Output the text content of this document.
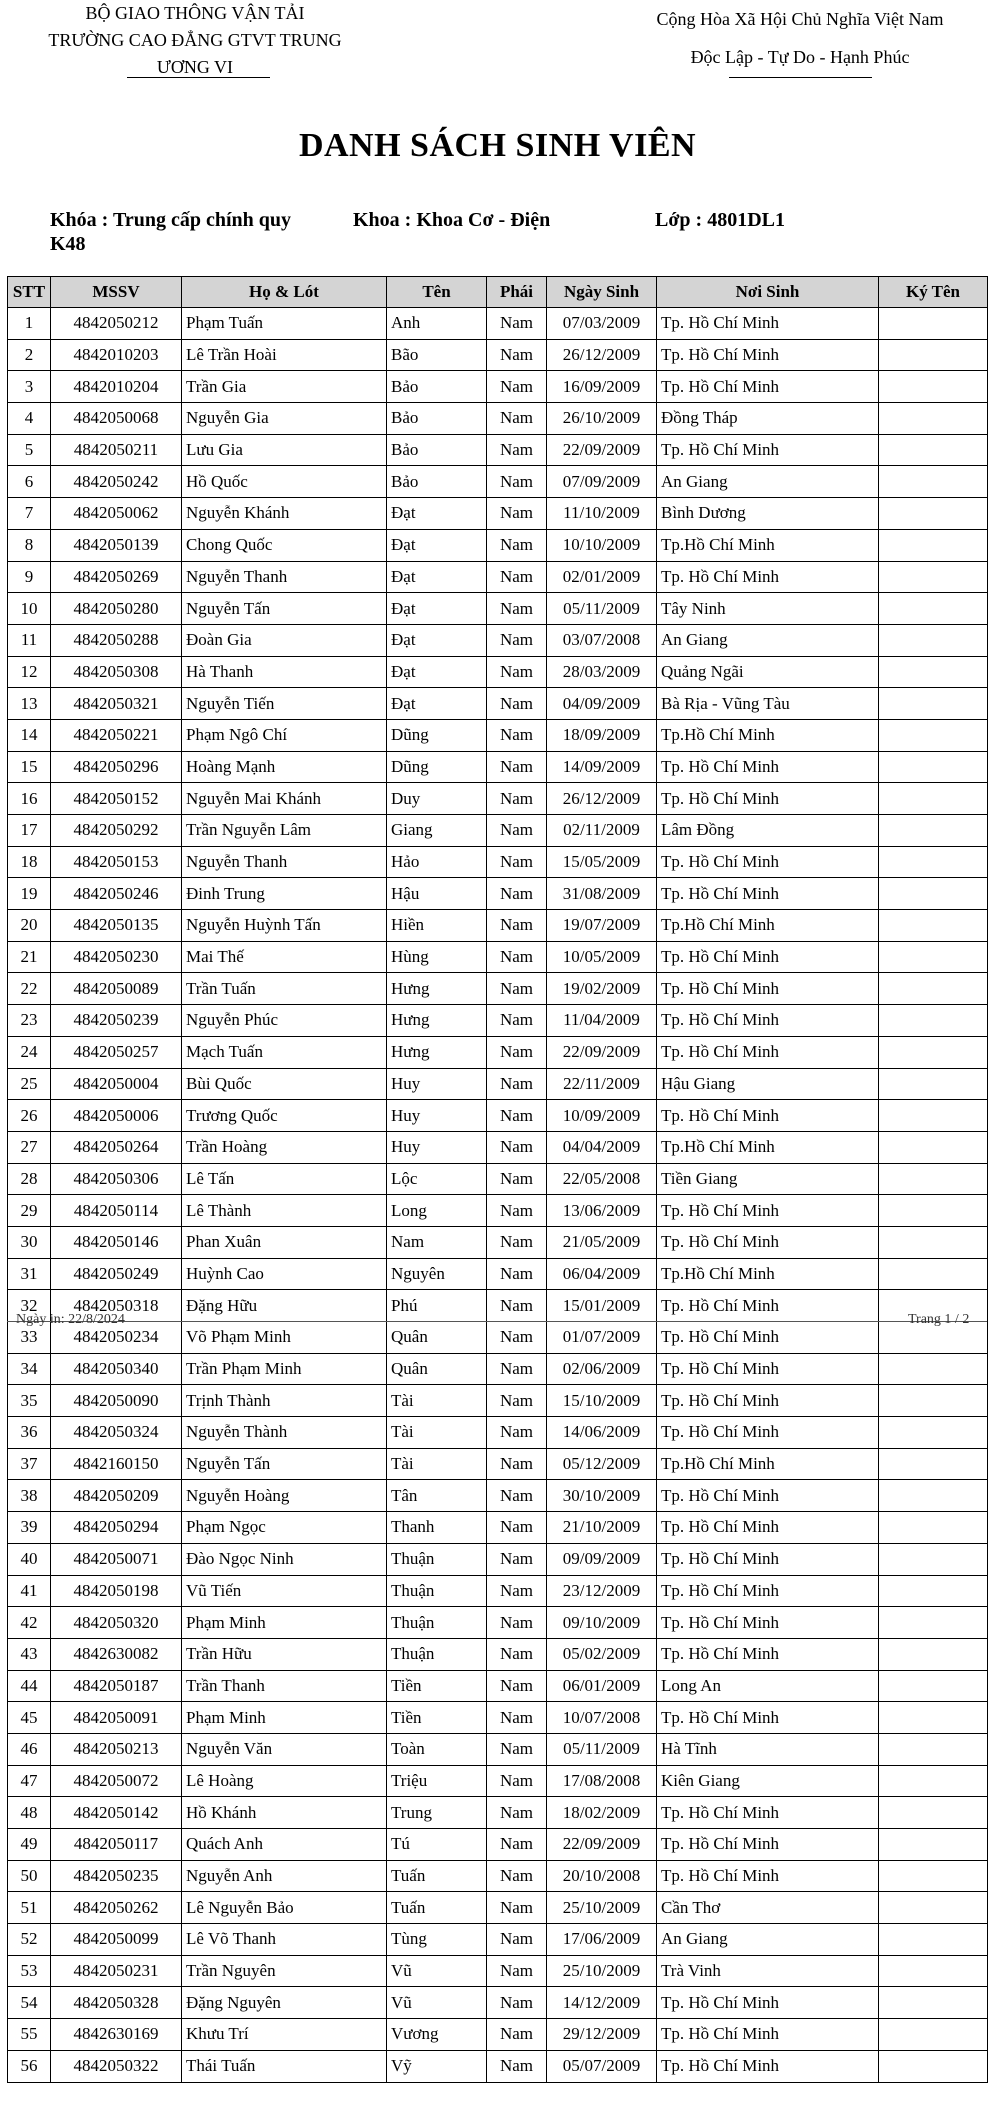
BỘ GIAO THÔNG VẬN TẢI
TRƯỜNG CAO ĐẲNG GTVT TRUNG
ƯƠNG VI
Cộng Hòa Xã Hội Chủ Nghĩa Việt Nam
Độc Lập - Tự Do - Hạnh Phúc
DANH SÁCH SINH VIÊN
Khóa : Trung cấp chính quy K48
Khoa : Khoa Cơ - Điện	Lớp : 4801DL1
STT	MSSV	Họ & Lót	Tên	Phái	Ngày Sinh	Nơi Sinh	Ký Tên
1	4842050212	Phạm Tuấn	Anh	Nam	07/03/2009	Tp. Hồ Chí Minh	
2	4842010203	Lê Trần Hoài	Bão	Nam	26/12/2009	Tp. Hồ Chí Minh	
3	4842010204	Trần Gia	Bảo	Nam	16/09/2009	Tp. Hồ Chí Minh	
4	4842050068	Nguyễn Gia	Bảo	Nam	26/10/2009	Đồng Tháp	
5	4842050211	Lưu Gia	Bảo	Nam	22/09/2009	Tp. Hồ Chí Minh	
6	4842050242	Hồ Quốc	Bảo	Nam	07/09/2009	An Giang	
7	4842050062	Nguyễn Khánh	Đạt	Nam	11/10/2009	Bình Dương	
8	4842050139	Chong Quốc	Đạt	Nam	10/10/2009	Tp.Hồ Chí Minh	
9	4842050269	Nguyễn Thanh	Đạt	Nam	02/01/2009	Tp. Hồ Chí Minh	
10	4842050280	Nguyễn Tấn	Đạt	Nam	05/11/2009	Tây Ninh	
11	4842050288	Đoàn Gia	Đạt	Nam	03/07/2008	An Giang	
12	4842050308	Hà Thanh	Đạt	Nam	28/03/2009	Quảng Ngãi	
13	4842050321	Nguyễn Tiến	Đạt	Nam	04/09/2009	Bà Rịa - Vũng Tàu	
14	4842050221	Phạm Ngô Chí	Dũng	Nam	18/09/2009	Tp.Hồ Chí Minh	
15	4842050296	Hoàng Mạnh	Dũng	Nam	14/09/2009	Tp. Hồ Chí Minh	
16	4842050152	Nguyễn Mai Khánh	Duy	Nam	26/12/2009	Tp. Hồ Chí Minh	
17	4842050292	Trần Nguyễn Lâm	Giang	Nam	02/11/2009	Lâm Đồng	
18	4842050153	Nguyễn Thanh	Hảo	Nam	15/05/2009	Tp. Hồ Chí Minh	
19	4842050246	Đinh Trung	Hậu	Nam	31/08/2009	Tp. Hồ Chí Minh	
20	4842050135	Nguyễn Huỳnh Tấn	Hiền	Nam	19/07/2009	Tp.Hồ Chí Minh	
21	4842050230	Mai Thế	Hùng	Nam	10/05/2009	Tp. Hồ Chí Minh	
22	4842050089	Trần Tuấn	Hưng	Nam	19/02/2009	Tp. Hồ Chí Minh	
23	4842050239	Nguyễn Phúc	Hưng	Nam	11/04/2009	Tp. Hồ Chí Minh	
24	4842050257	Mạch Tuấn	Hưng	Nam	22/09/2009	Tp. Hồ Chí Minh	
25	4842050004	Bùi Quốc	Huy	Nam	22/11/2009	Hậu Giang	
26	4842050006	Trương Quốc	Huy	Nam	10/09/2009	Tp. Hồ Chí Minh	
27	4842050264	Trần Hoàng	Huy	Nam	04/04/2009	Tp.Hồ Chí Minh	
28	4842050306	Lê Tấn	Lộc	Nam	22/05/2008	Tiền Giang	
29	4842050114	Lê Thành	Long	Nam	13/06/2009	Tp. Hồ Chí Minh	
30	4842050146	Phan Xuân	Nam	Nam	21/05/2009	Tp. Hồ Chí Minh	
31	4842050249	Huỳnh Cao	Nguyên	Nam	06/04/2009	Tp.Hồ Chí Minh	
32	4842050318	Đặng Hữu	Phú	Nam	15/01/2009	Tp. Hồ Chí Minh	
33	4842050234	Võ Phạm Minh	Quân	Nam	01/07/2009	Tp. Hồ Chí Minh	
34	4842050340	Trần Phạm Minh	Quân	Nam	02/06/2009	Tp. Hồ Chí Minh	
35	4842050090	Trịnh Thành	Tài	Nam	15/10/2009	Tp. Hồ Chí Minh	
36	4842050324	Nguyễn Thành	Tài	Nam	14/06/2009	Tp. Hồ Chí Minh	
37	4842160150	Nguyễn Tấn	Tài	Nam	05/12/2009	Tp.Hồ Chí Minh	
38	4842050209	Nguyễn Hoàng	Tân	Nam	30/10/2009	Tp. Hồ Chí Minh	
39	4842050294	Phạm Ngọc	Thanh	Nam	21/10/2009	Tp. Hồ Chí Minh	
40	4842050071	Đào Ngọc Ninh	Thuận	Nam	09/09/2009	Tp. Hồ Chí Minh	
41	4842050198	Vũ Tiến	Thuận	Nam	23/12/2009	Tp. Hồ Chí Minh	
42	4842050320	Phạm Minh	Thuận	Nam	09/10/2009	Tp. Hồ Chí Minh	
43	4842630082	Trần Hữu	Thuận	Nam	05/02/2009	Tp. Hồ Chí Minh	
44	4842050187	Trần Thanh	Tiền	Nam	06/01/2009	Long An	
45	4842050091	Phạm Minh	Tiền	Nam	10/07/2008	Tp. Hồ Chí Minh	
46	4842050213	Nguyễn Văn	Toàn	Nam	05/11/2009	Hà Tĩnh	
47	4842050072	Lê Hoàng	Triệu	Nam	17/08/2008	Kiên Giang	
48	4842050142	Hồ Khánh	Trung	Nam	18/02/2009	Tp. Hồ Chí Minh	
49	4842050117	Quách Anh	Tú	Nam	22/09/2009	Tp. Hồ Chí Minh	
50	4842050235	Nguyễn Anh	Tuấn	Nam	20/10/2008	Tp. Hồ Chí Minh	
51	4842050262	Lê Nguyễn Bảo	Tuấn	Nam	25/10/2009	Cần Thơ	
52	4842050099	Lê Võ Thanh	Tùng	Nam	17/06/2009	An Giang	
53	4842050231	Trần Nguyên	Vũ	Nam	25/10/2009	Trà Vinh	
54	4842050328	Đặng Nguyên	Vũ	Nam	14/12/2009	Tp. Hồ Chí Minh	
55	4842630169	Khưu Trí	Vương	Nam	29/12/2009	Tp. Hồ Chí Minh	
56	4842050322	Thái Tuấn	Vỹ	Nam	05/07/2009	Tp. Hồ Chí Minh	
Ngày in: 22/8/2024	Trang 1 / 2
